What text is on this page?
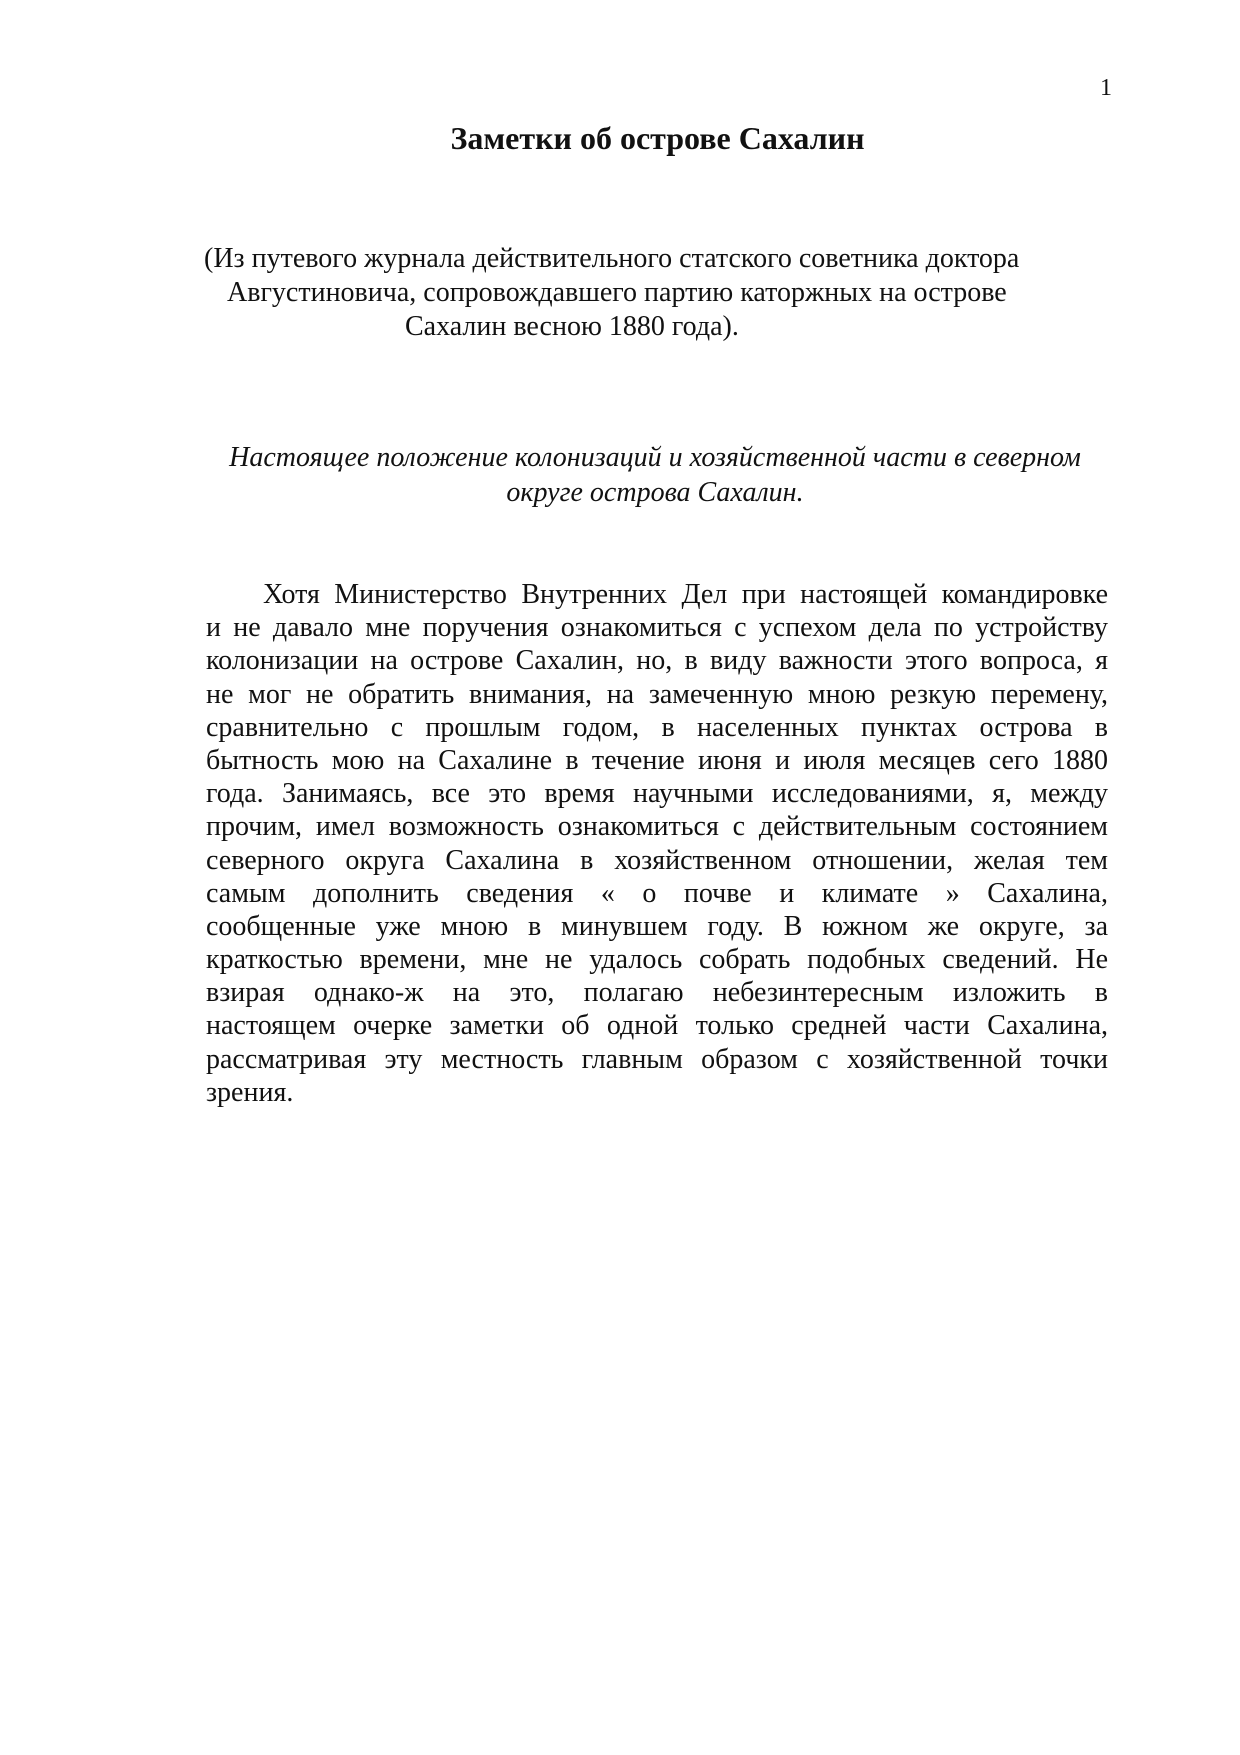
1
Заметки об острове Сахалин
(Из путевого журнала действительного статского советника доктора
Августиновича, сопровождавшего партию каторжных на острове
Сахалин весною 1880 года).
Настоящее положение колонизаций и хозяйственной части в северном
округе острова Сахалин.
Хотя Министерство Внутренних Дел при настоящей командировке
и не давало мне поручения ознакомиться с успехом дела по устройству
колонизации на острове Сахалин, но, в виду важности этого вопроса, я
не мог не обратить внимания, на замеченную мною резкую перемену,
сравнительно с прошлым годом, в населенных пунктах острова в
бытность мою на Сахалине в течение июня и июля месяцев сего 1880
года. Занимаясь, все это время научными исследованиями, я, между
прочим, имел возможность ознакомиться с действительным состоянием
северного округа Сахалина в хозяйственном отношении, желая тем
самым дополнить сведения « о почве и климате » Сахалина,
сообщенные уже мною в минувшем году. В южном же округе, за
краткостью времени, мне не удалось собрать подобных сведений. Не
взирая однако-ж на это, полагаю небезинтересным изложить в
настоящем очерке заметки об одной только средней части Сахалина,
рассматривая эту местность главным образом с хозяйственной точки
зрения.
